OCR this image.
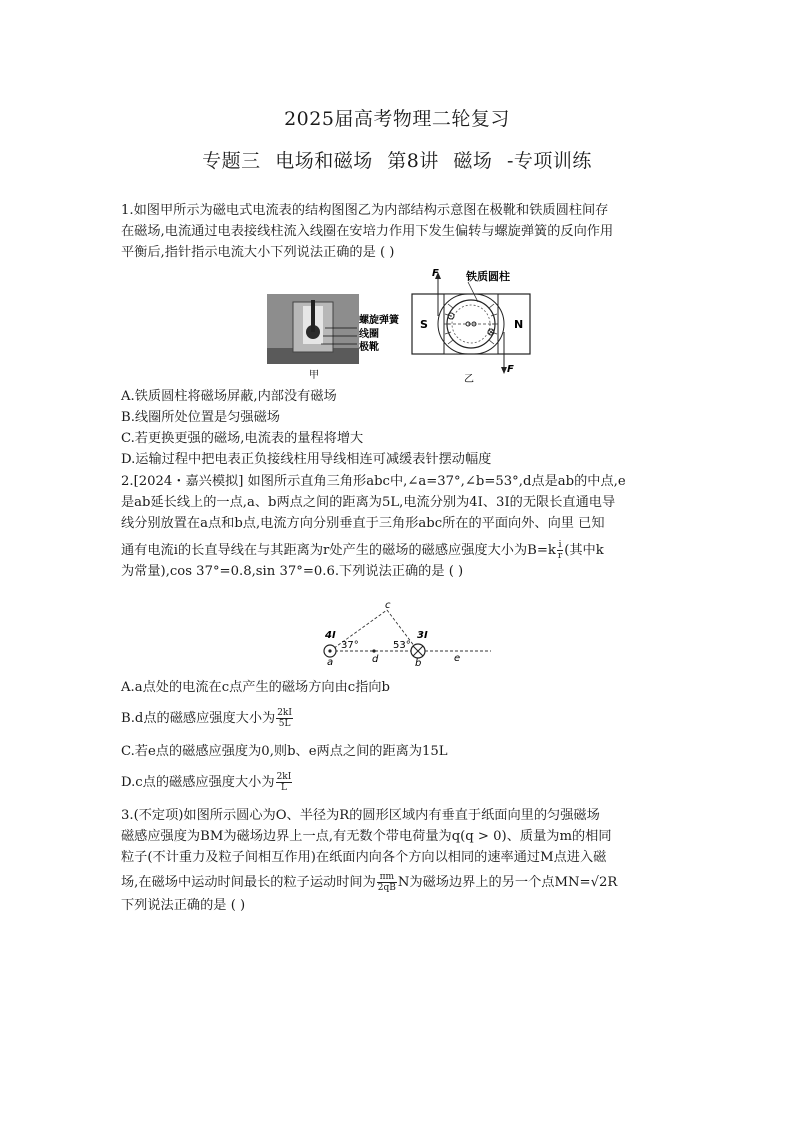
2025届高考物理二轮复习
专题三 电场和磁场 第8讲 磁场 -专项训练
1.如图甲所示为磁电式电流表的结构图图乙为内部结构示意图在极靴和铁质圆柱间存
在磁场,电流通过电表接线柱流入线圈在安培力作用下发生偏转与螺旋弹簧的反向作用
平衡后,指针指示电流大小下列说法正确的是 ( )
螺旋弹簧
线圈
极靴
甲
F
F
S	N
铁质圆柱
乙
A.铁质圆柱将磁场屏蔽,内部没有磁场
B.线圈所处位置是匀强磁场
C.若更换更强的磁场,电流表的量程将增大
D.运输过程中把电表正负接线柱用导线相连可减缓表针摆动幅度
2.[2024・嘉兴模拟] 如图所示直角三角形abc中,∠a=37°,∠b=53°,d点是ab的中点,e
是ab延长线上的一点,a、b两点之间的距离为5L,电流分别为4I、3I的无限长直通电导
线分别放置在a点和b点,电流方向分别垂直于三角形abc所在的平面向外、向里 已知
通有电流i的长直导线在与其距离为r处产生的磁场的磁感应强度大小为$B=k \frac{i}{r}$ (其中k
为常量),cos 37°=0.8,sin 37°=0.6.下列说法正确的是 ( )
4I	3I
37°	53°
c
a	d	b	e
A.a点处的电流在c点产生的磁场方向由c指向b
B.d点的磁感应强度大小为 $\frac{2kI}{5L}$
C.若e点的磁感应强度为0,则b、e两点之间的距离为15L
D.c点的磁感应强度大小为 $\frac{2kI}{L}$
3.(不定项)如图所示圆心为O、半径为R的圆形区域内有垂直于纸面向里的匀强磁场
磁感应强度为BM为磁场边界上一点,有无数个带电荷量为q(q > 0)、质量为m的相同
粒子(不计重力及粒子间相互作用)在纸面内向各个方向以相同的速率通过M点进入磁
场,在磁场中运动时间最长的粒子运动时间为 $\frac{\pi m}{2qB}$ N为磁场边界上的另一个点MN=√2R
下列说法正确的是 ( )
